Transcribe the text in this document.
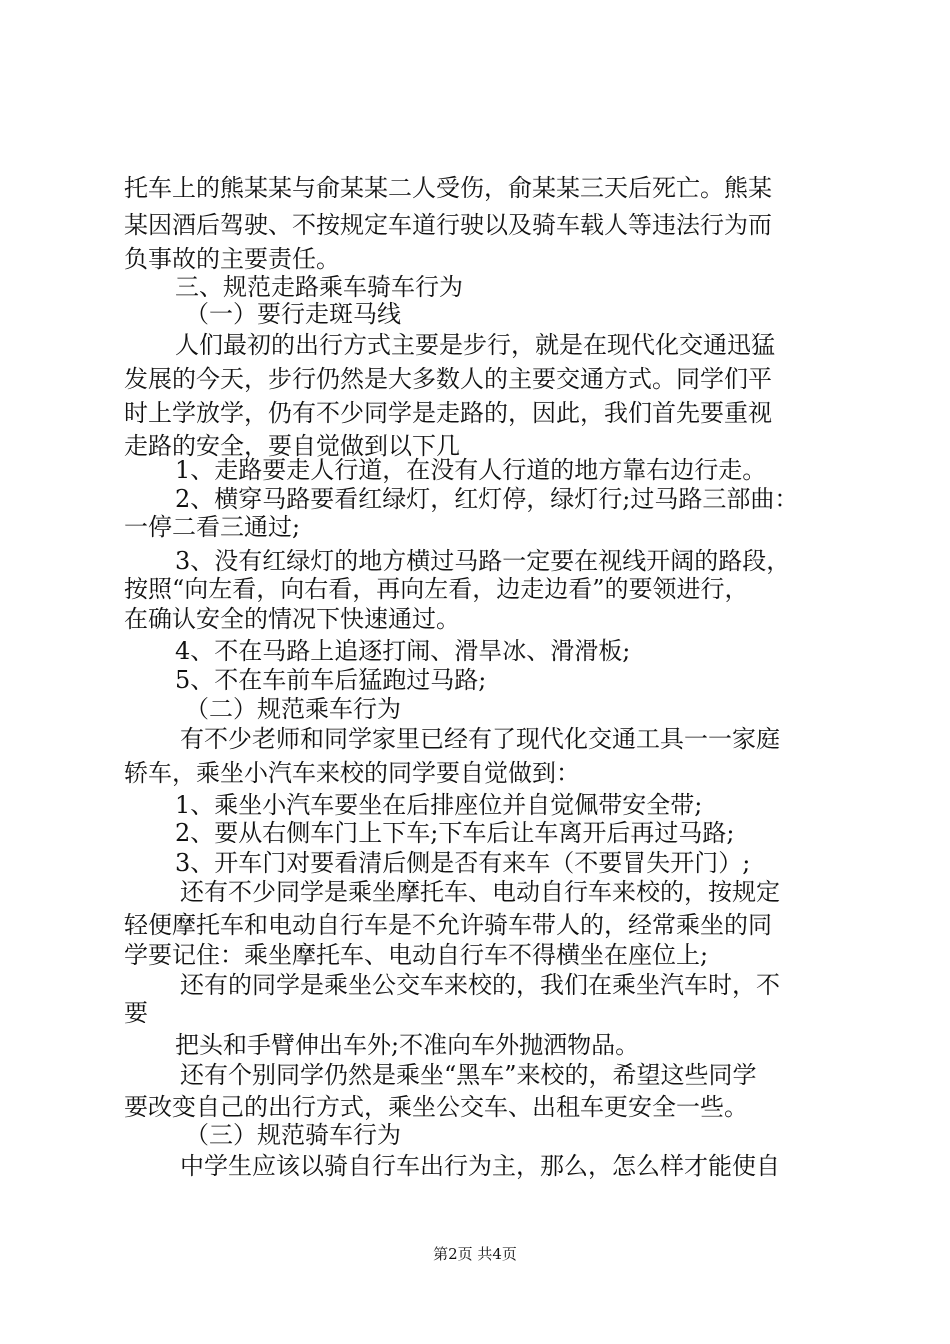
托车上的熊某某与俞某某二人受伤，俞某某三天后死亡。熊某
某因酒后驾驶、不按规定车道行驶以及骑车载人等违法行为而
负事故的主要责任。
三、规范走路乘车骑车行为
（一）要行走斑马线
人们最初的出行方式主要是步行，就是在现代化交通迅猛
发展的今天，步行仍然是大多数人的主要交通方式。同学们平
时上学放学，仍有不少同学是走路的，因此，我们首先要重视
走路的安全，要自觉做到以下几
1、走路要走人行道，在没有人行道的地方靠右边行走。
2、横穿马路要看红绿灯，红灯停，绿灯行;过马路三部曲：
一停二看三通过;
3、没有红绿灯的地方横过马路一定要在视线开阔的路段，
按照“向左看，向右看，再向左看，边走边看”的要领进行，
在确认安全的情况下快速通过。
4、不在马路上追逐打闹、滑旱冰、滑滑板;
5、不在车前车后猛跑过马路;
（二）规范乘车行为
有不少老师和同学家里已经有了现代化交通工具一一家庭
轿车，乘坐小汽车来校的同学要自觉做到：
1、乘坐小汽车要坐在后排座位并自觉佩带安全带;
2、要从右侧车门上下车;下车后让车离开后再过马路;
3、开车门对要看清后侧是否有来车（不要冒失开门）;
还有不少同学是乘坐摩托车、电动自行车来校的，按规定
轻便摩托车和电动自行车是不允许骑车带人的，经常乘坐的同
学要记住：乘坐摩托车、电动自行车不得横坐在座位上;
还有的同学是乘坐公交车来校的，我们在乘坐汽车时，不
要
把头和手臂伸出车外;不准向车外抛洒物品。
还有个别同学仍然是乘坐“黑车”来校的，希望这些同学
要改变自己的出行方式，乘坐公交车、出租车更安全一些。
（三）规范骑车行为
中学生应该以骑自行车出行为主，那么，怎么样才能使自
第2页 共4页
